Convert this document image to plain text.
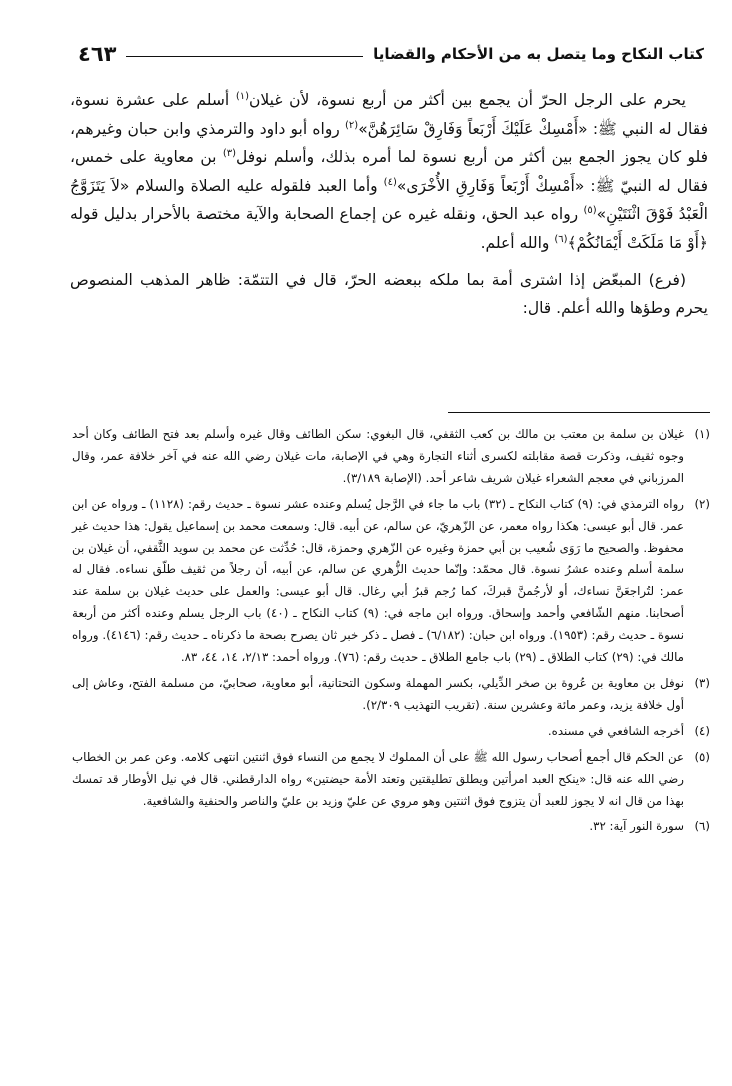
كتاب النكاح وما يتصل به من الأحكام والقضايا
٤٦٣

يحرم على الرجل الحرّ أن يجمع بين أكثر من أربع نسوة، لأن غيلان$^{(١)}$ أسلم على عشرة نسوة، فقال له النبي ﷺ: «أَمْسِكْ عَلَيْكَ أَرْبَعاً وَفَارِقْ سَائِرَهُنَّ»$^{(٢)}$ رواه أبو داود والترمذي وابن حبان وغيرهم، فلو كان يجوز الجمع بين أكثر من أربع نسوة لما أمره بذلك، وأسلم نوفل$^{(٣)}$ بن معاوية على خمس، فقال له النبيّ ﷺ: «أَمْسِكْ أَرْبَعاً وَفَارِقِ الأُخْرَى»$^{(٤)}$ وأما العبد فلقوله عليه الصلاة والسلام «لاَ يَتَزَوَّجُ الْعَبْدُ فَوْقَ اثْنَتَيْنِ»$^{(٥)}$ رواه عبد الحق، ونقله غيره عن إجماع الصحابة والآية مختصة بالأحرار بدليل قوله ﴿أَوْ مَا مَلَكَتْ أَيْمَانُكُمْ﴾$^{(٦)}$ والله أعلم.

(فرع) المبعّض إذا اشترى أمة بما ملكه ببعضه الحرّ، قال في التتمّة: ظاهر المذهب المنصوص يحرم وطؤها والله أعلم. قال:

(١)
غيلان بن سلمة بن معتب بن مالك بن كعب الثقفي، قال البغوي: سكن الطائف وقال غيره وأسلم بعد فتح الطائف وكان أحد وجوه ثقيف، وذكرت قصة مقابلته لكسرى أثناء التجارة وهي في الإصابة، مات غيلان رضي الله عنه في آخر خلافة عمر، وقال المرزباني في معجم الشعراء غيلان شريف شاعر أحد. (الإصابة ٣/١٨٩).
(٢)
رواه الترمذي في: (٩) كتاب النكاح ـ (٣٢) باب ما جاء في الرَّجل يُسلم وعنده عشر نسوة ـ حديث رقم: (١١٢٨) ـ ورواه عن ابن عمر. قال أبو عيسى: هكذا رواه معمر، عن الزّهريّ، عن سالم، عن أبيه. قال: وسمعت محمد بن إسماعيل يقول: هذا حديث غير محفوظ. والصحيح ما رَوَى شُعيب بن أبي حمزة وغيره عن الزّهري وحمزة، قال: حُدِّثت عن محمد بن سويد الثَّقفي، أن غيلان بن سلمة أسلم وعنده عشرُ نسوة. قال محمّد: وإنّما حديث الزُّهري عن سالم، عن أبيه، أن رجلاً من ثقيف طلّق نساءه. فقال له عمر: لتُراجعَنَّ نساءك، أو لأرجُمنَّ قبركَ، كما رُجم قبرُ أبي رغال. قال أبو عيسى: والعمل على حديث غيلان بن سلمة عند أصحابنا. منهم الشّافعي وأحمد وإسحاق. ورواه ابن ماجه في: (٩) كتاب النكاح ـ (٤٠) باب الرجل يسلم وعنده أكثر من أربعة نسوة ـ حديث رقم: (١٩٥٣). ورواه ابن حبان: (٦/١٨٢) ـ فصل ـ ذكر خبر ثان يصرح بصحة ما ذكرناه ـ حديث رقم: (٤١٤٦). ورواه مالك في: (٢٩) كتاب الطلاق ـ (٢٩) باب جامع الطلاق ـ حديث رقم: (٧٦). ورواه أحمد: ٢/١٣، ١٤، ٤٤، ٨٣.
(٣)
نوفل بن معاوية بن عُروة بن صخر الدِّيلي، بكسر المهملة وسكون التحتانية، أبو معاوية، صحابيّ، من مسلمة الفتح، وعاش إلى أول خلافة يزيد، وعمر مائة وعشرين سنة. (تقريب التهذيب ٢/٣٠٩).
(٤)
أخرجه الشافعي في مسنده.
(٥)
عن الحكم قال أجمع أصحاب رسول الله ﷺ على أن المملوك لا يجمع من النساء فوق اثنتين انتهى كلامه. وعن عمر بن الخطاب رضي الله عنه قال: «ينكح العبد امرأتين ويطلق تطليقتين وتعتد الأمة حيضتين» رواه الدارقطني. قال في نيل الأوطار قد تمسك بهذا من قال انه لا يجوز للعبد أن يتزوج فوق اثنتين وهو مروي عن عليّ وزيد بن عليّ والناصر والحنفية والشافعية.
(٦)
سورة النور آية: ٣٢.
